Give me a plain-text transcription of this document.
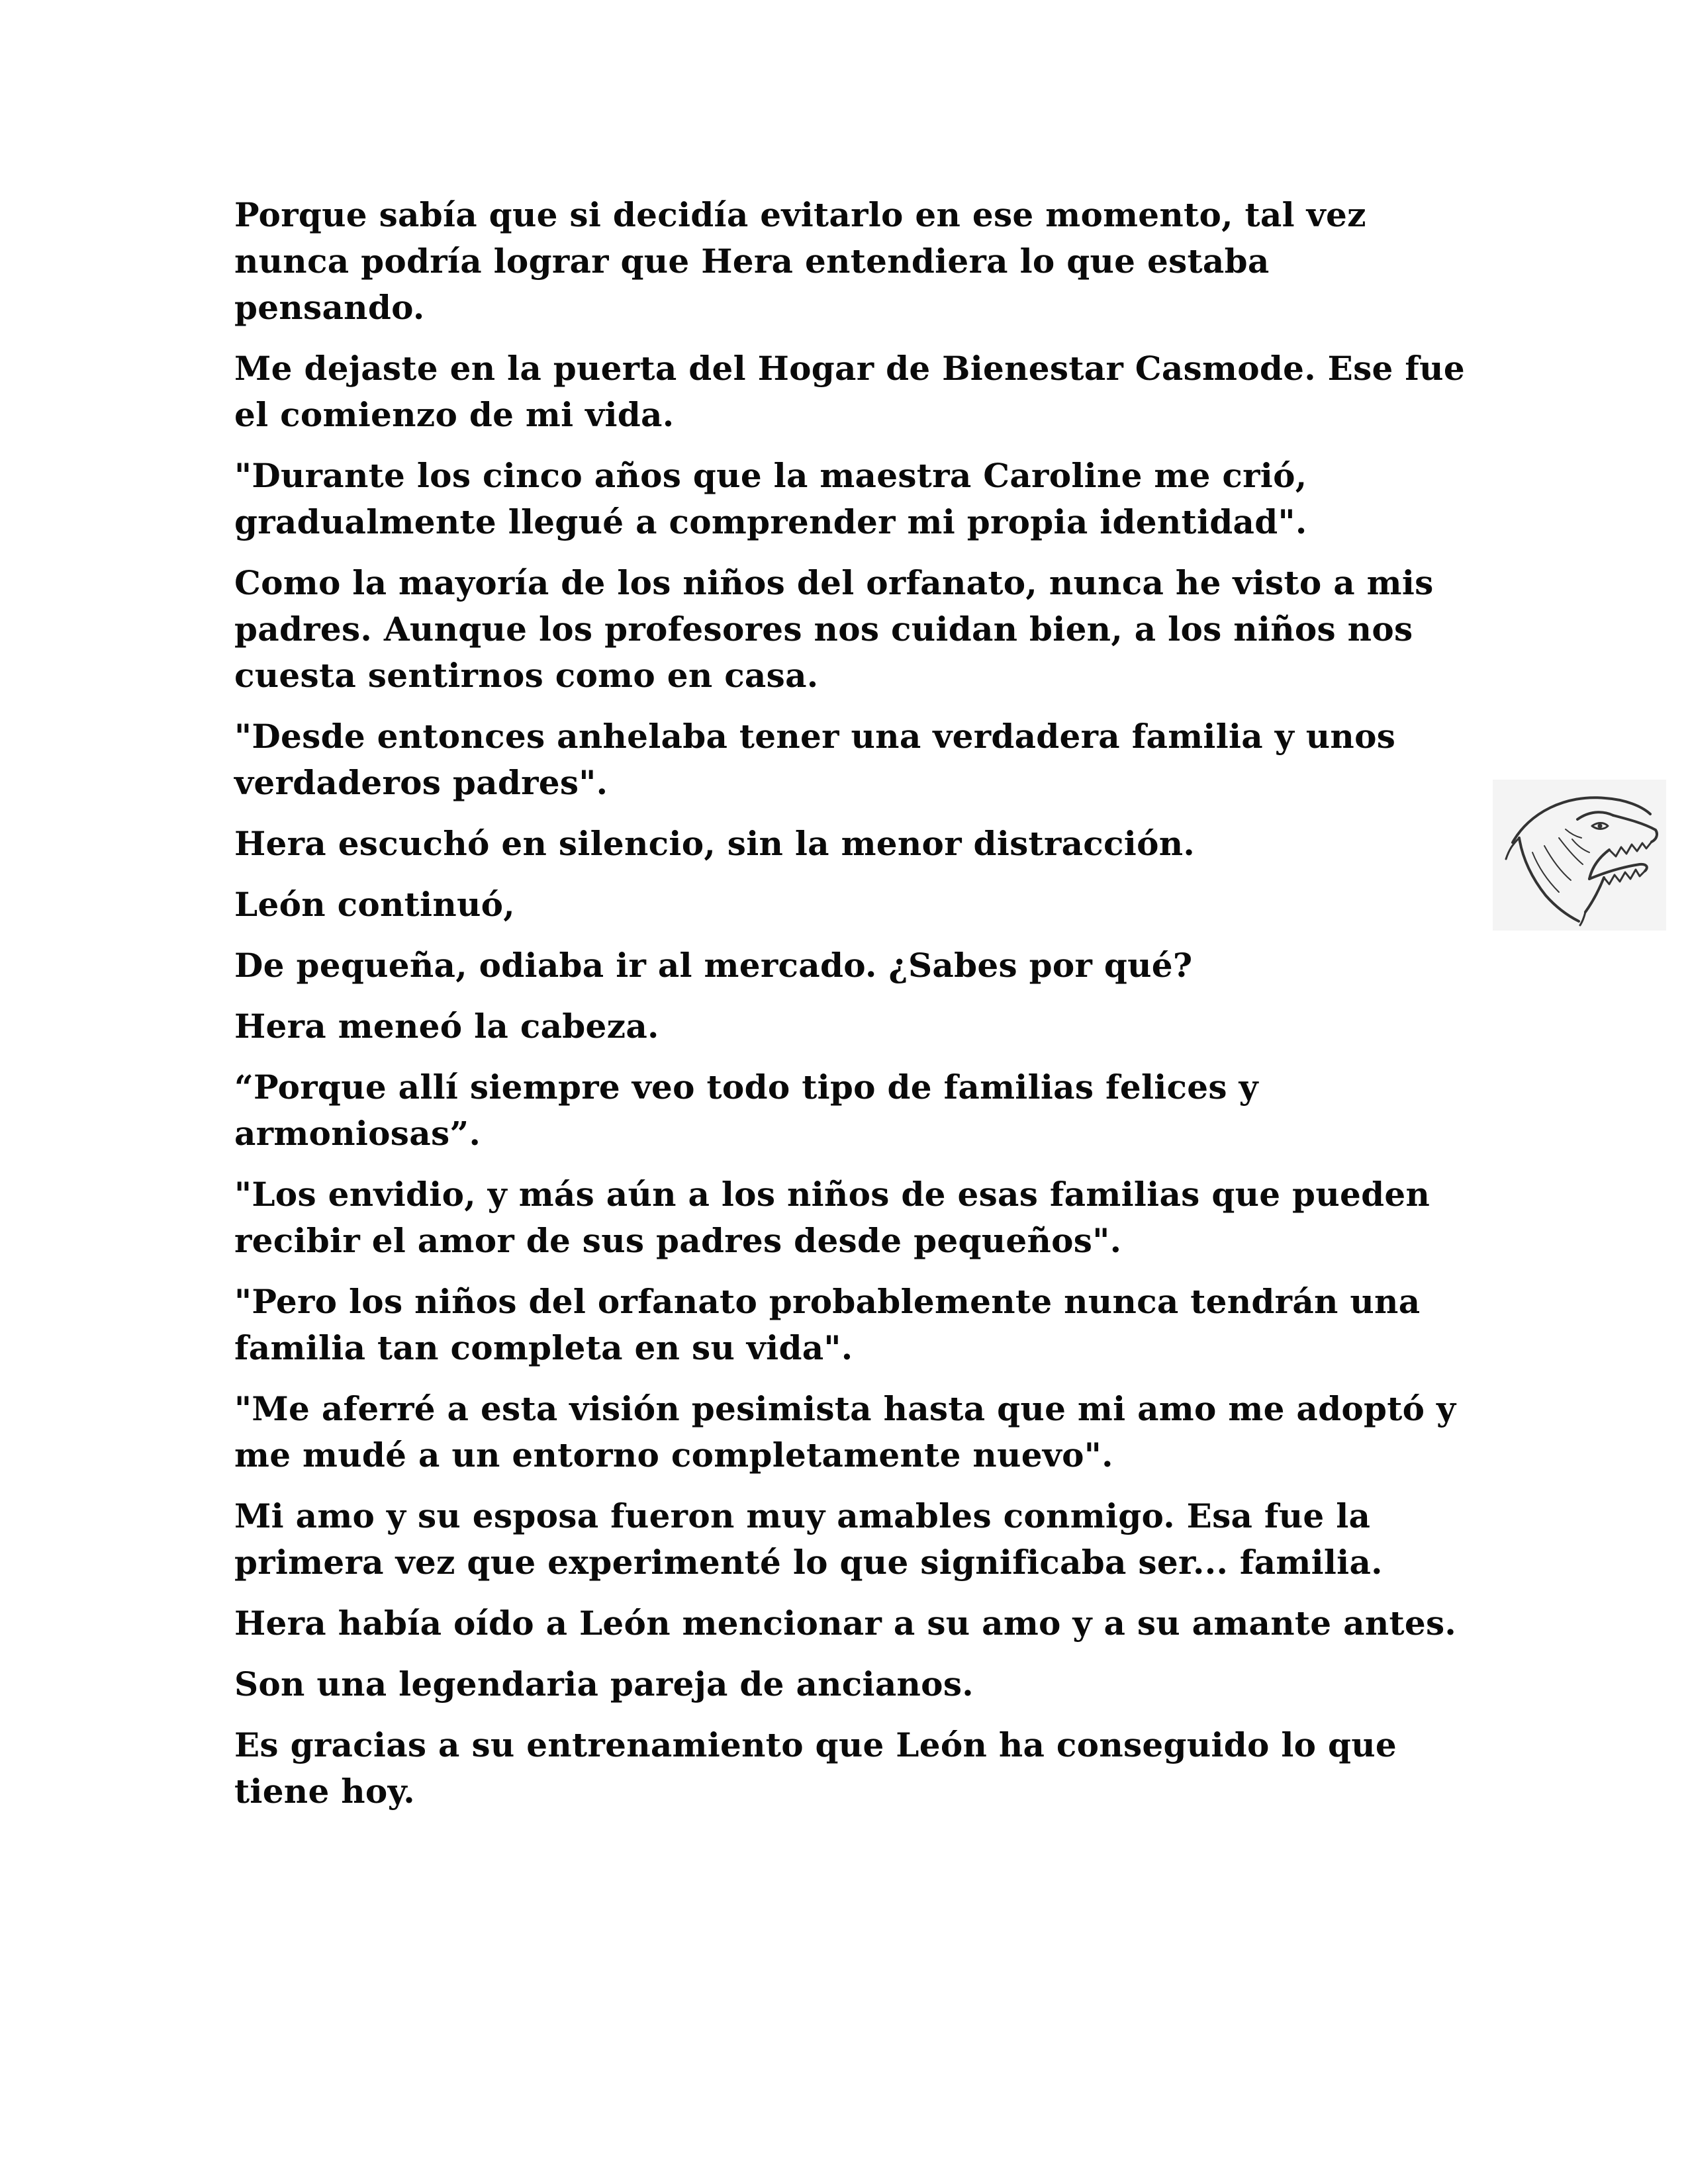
Porque sabía que si decidía evitarlo en ese momento, tal vez nunca podría lograr que Hera entendiera lo que estaba pensando.

Me dejaste en la puerta del Hogar de Bienestar Casmode. Ese fue el comienzo de mi vida.

"Durante los cinco años que la maestra Caroline me crió, gradualmente llegué a comprender mi propia identidad".

Como la mayoría de los niños del orfanato, nunca he visto a mis padres. Aunque los profesores nos cuidan bien, a los niños nos cuesta sentirnos como en casa.

"Desde entonces anhelaba tener una verdadera familia y unos verdaderos padres".

Hera escuchó en silencio, sin la menor distracción.

León continuó,

De pequeña, odiaba ir al mercado. ¿Sabes por qué?

Hera meneó la cabeza.

“Porque allí siempre veo todo tipo de familias felices y armoniosas”.

"Los envidio, y más aún a los niños de esas familias que pueden recibir el amor de sus padres desde pequeños".

"Pero los niños del orfanato probablemente nunca tendrán una familia tan completa en su vida".

"Me aferré a esta visión pesimista hasta que mi amo me adoptó y me mudé a un entorno completamente nuevo".

Mi amo y su esposa fueron muy amables conmigo. Esa fue la primera vez que experimenté lo que significaba ser... familia.

Hera había oído a León mencionar a su amo y a su amante antes.

Son una legendaria pareja de ancianos.

Es gracias a su entrenamiento que León ha conseguido lo que tiene hoy.
